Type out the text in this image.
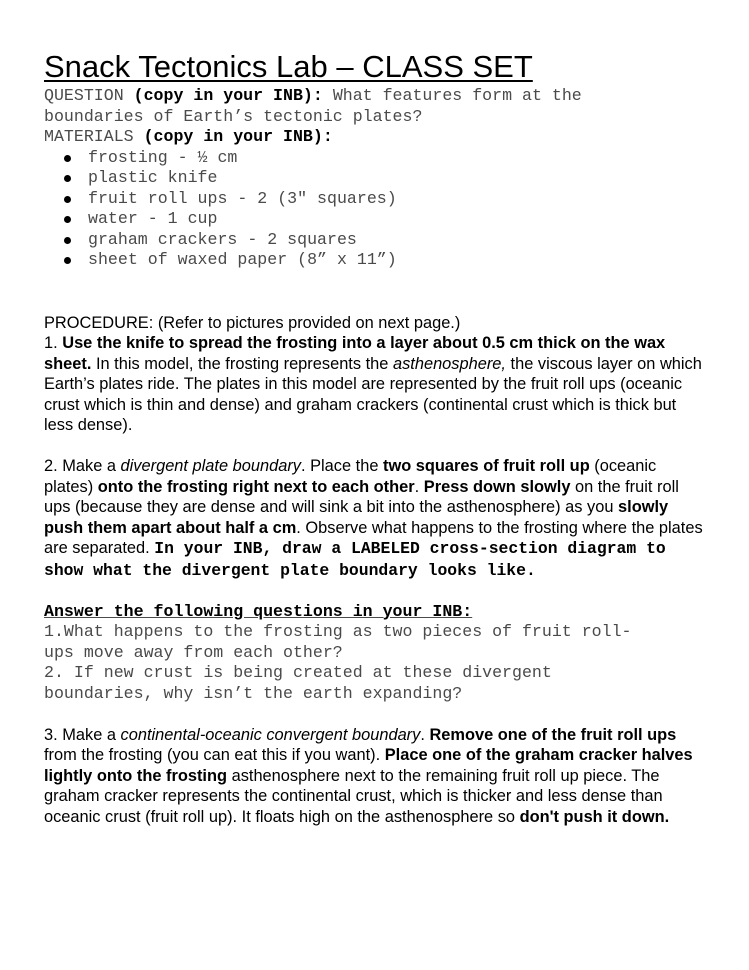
Snack Tectonics Lab – CLASS SET
QUESTION (copy in your INB): What features form at the
boundaries of Earth’s tectonic plates?
MATERIALS (copy in your INB):
frosting - ½ cm
plastic knife
fruit roll ups - 2 (3" squares)
water - 1 cup
graham crackers - 2 squares
sheet of waxed paper (8” x 11”)

PROCEDURE: (Refer to pictures provided on next page.)

1. Use the knife to spread the frosting into a layer about 0.5 cm thick on the wax sheet. In this model, the frosting represents the asthenosphere, the viscous layer on which Earth’s plates ride. The plates in this model are represented by the fruit roll ups (oceanic crust which is thin and dense) and graham crackers (continental crust which is thick but less dense).

2. Make a divergent plate boundary. Place the two squares of fruit roll up (oceanic plates) onto the frosting right next to each other. Press down slowly on the fruit roll ups (because they are dense and will sink a bit into the asthenosphere) as you slowly push them apart about half a cm. Observe what happens to the frosting where the plates are separated. In your INB, draw a LABELED cross-section diagram to show what the divergent plate boundary looks like.

Answer the following questions in your INB:
1.What happens to the frosting as two pieces of fruit roll-
ups move away from each other?
2. If new crust is being created at these divergent
boundaries, why isn’t the earth expanding?

3. Make a continental-oceanic convergent boundary. Remove one of the fruit roll ups from the frosting (you can eat this if you want). Place one of the graham cracker halves lightly onto the frosting asthenosphere next to the remaining fruit roll up piece. The graham cracker represents the continental crust, which is thicker and less dense than oceanic crust (fruit roll up). It floats high on the asthenosphere so don't push it down.
